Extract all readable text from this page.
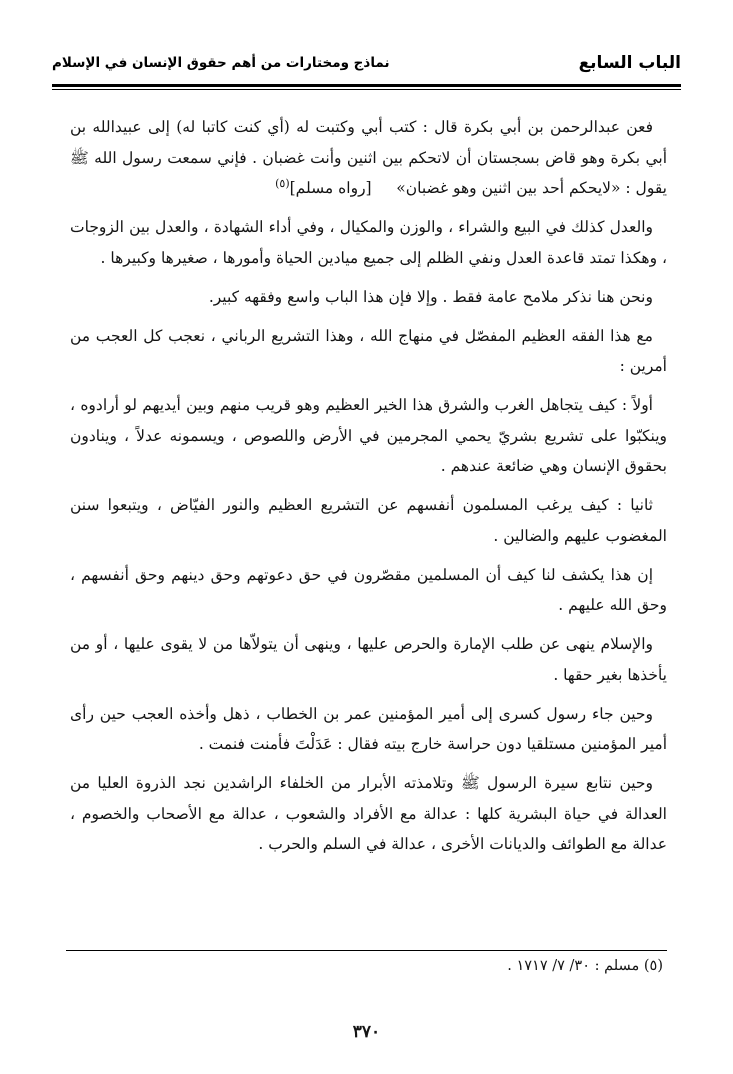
الباب السابع
نماذج ومختارات من أهم حقوق الإنسان في الإسلام

فعن عبدالرحمن بن أبي بكرة قال : كتب أبي وكتبت له (أي كنت كاتبا له) إلى عبيدالله بن أبي بكرة وهو قاض بسجستان أن لاتحكم بين اثنين وأنت غضبان . فإني سمعت رسول الله ﷺ يقول : «لايحكم أحد بين اثنين وهو غضبان»     [رواه مسلم]$^{(٥)}$

والعدل كذلك في البيع والشراء ، والوزن والمكيال ، وفي أداء الشهادة ، والعدل بين الزوجات ، وهكذا تمتد قاعدة العدل ونفي الظلم إلى جميع ميادين الحياة وأمورها ، صغيرها وكبيرها .

ونحن هنا نذكر ملامح عامة فقط . وإلا فإن هذا الباب واسع وفقهه كبير.

مع هذا الفقه العظيم المفصّل في منهاج الله ، وهذا التشريع الرباني ، نعجب كل العجب من أمرين :

أولاً : كيف يتجاهل الغرب والشرق هذا الخير العظيم وهو قريب منهم وبين أيديهم لو أرادوه ، وينكبّوا على تشريع بشريّ يحمي المجرمين في الأرض واللصوص ، ويسمونه عدلاً ، وينادون بحقوق الإنسان وهي ضائعة عندهم .

ثانيا : كيف يرغب المسلمون أنفسهم عن التشريع العظيم والنور الفيّاض ، ويتبعوا سنن المغضوب عليهم والضالين .

إن هذا يكشف لنا كيف أن المسلمين مقصّرون في حق دعوتهم وحق دينهم وحق أنفسهم ، وحق الله عليهم .

والإسلام ينهى عن طلب الإمارة والحرص عليها ، وينهى أن يتولاّها من لا يقوى عليها ، أو من يأخذها بغير حقها .

وحين جاء رسول كسرى إلى أمير المؤمنين عمر بن الخطاب ، ذهل وأخذه العجب حين رأى أمير المؤمنين مستلقيا دون حراسة خارج بيته فقال : عَدَلْتَ فأمنت فنمت .

وحين نتابع سيرة الرسول ﷺ وتلامذته الأبرار من الخلفاء الراشدين نجد الذروة العليا من العدالة في حياة البشرية كلها : عدالة مع الأفراد والشعوب ، عدالة مع الأصحاب والخصوم ، عدالة مع الطوائف والديانات الأخرى ، عدالة في السلم والحرب .

(٥) مسلم : ٣٠/ ٧/ ١٧١٧ .
٣٧٠
